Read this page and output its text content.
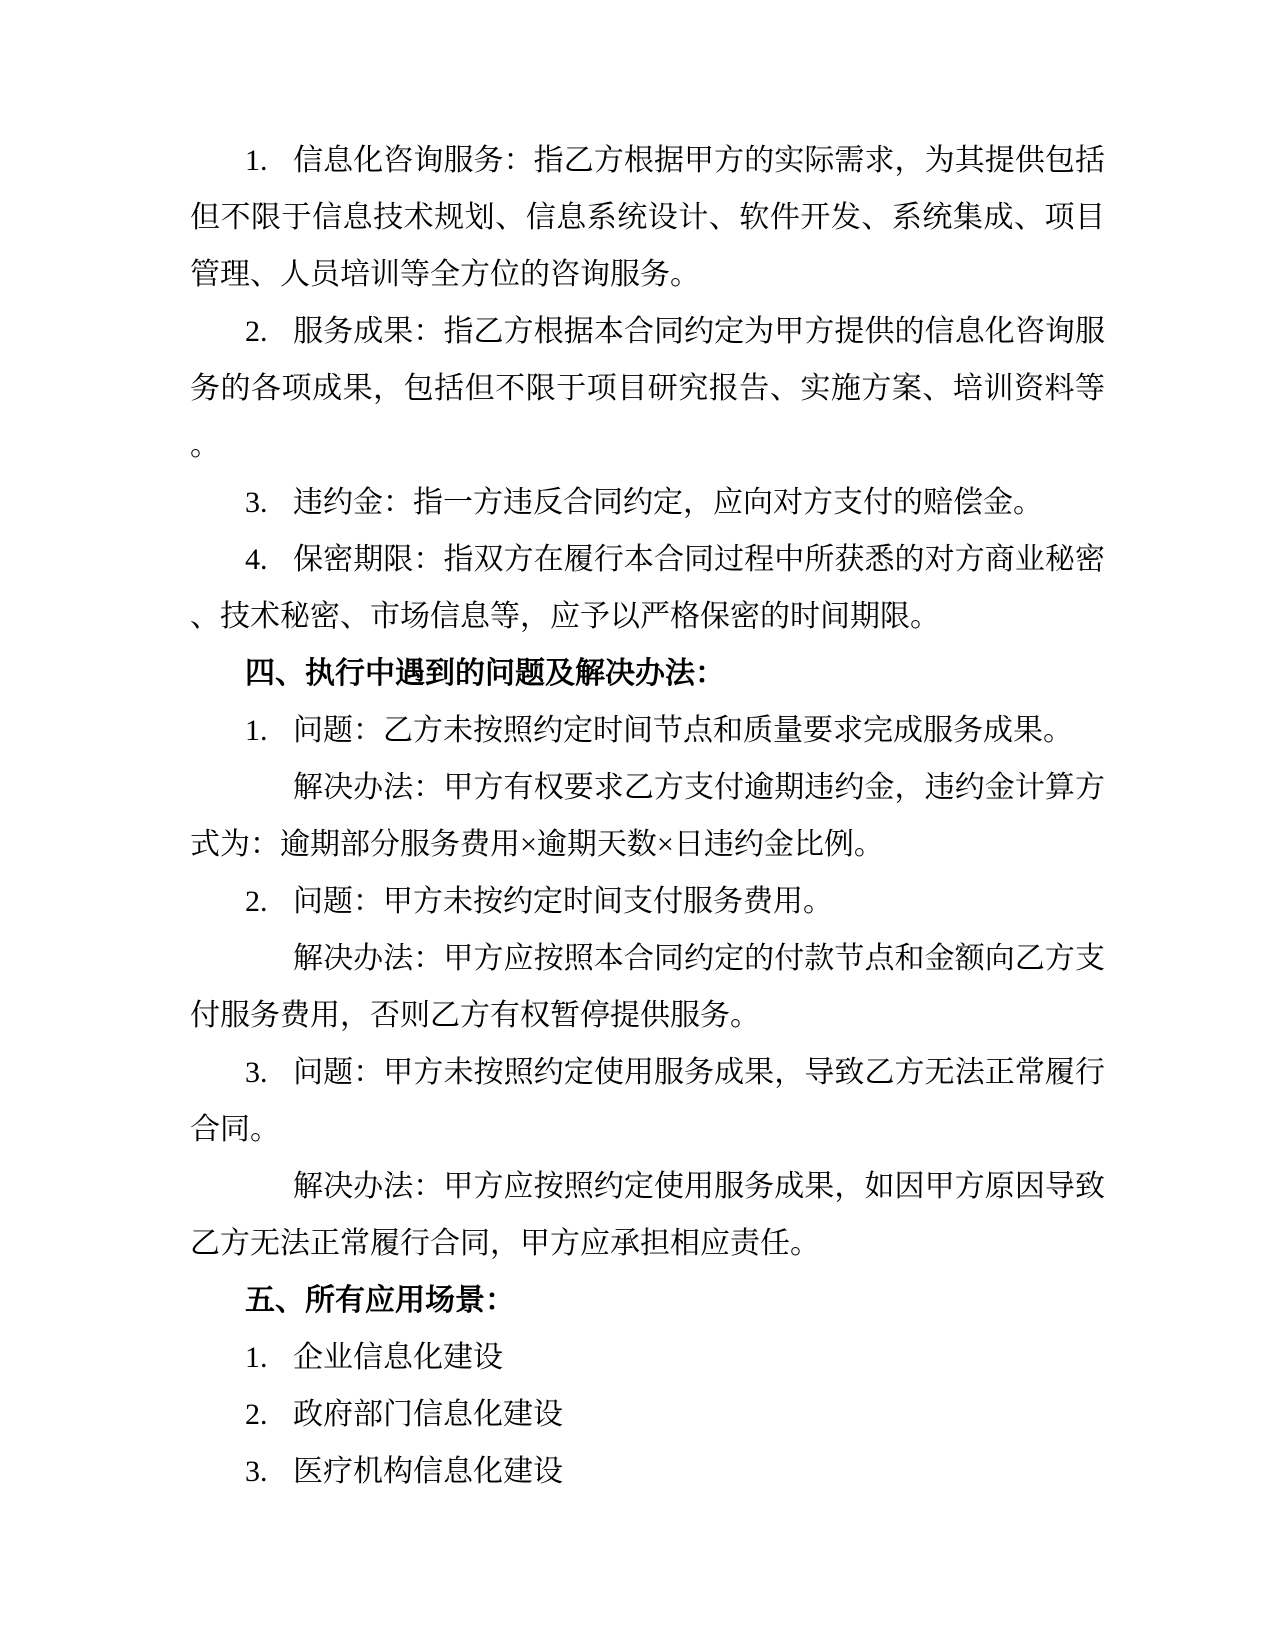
1. 信息化咨询服务：指乙方根据甲方的实际需求，为其提供包括但不限于信息技术规划、信息系统设计、软件开发、系统集成、项目管理、人员培训等全方位的咨询服务。

2. 服务成果：指乙方根据本合同约定为甲方提供的信息化咨询服务的各项成果，包括但不限于项目研究报告、实施方案、培训资料等。

3. 违约金：指一方违反合同约定，应向对方支付的赔偿金。

4. 保密期限：指双方在履行本合同过程中所获悉的对方商业秘密、技术秘密、市场信息等，应予以严格保密的时间期限。

四、执行中遇到的问题及解决办法：

1. 问题：乙方未按照约定时间节点和质量要求完成服务成果。

解决办法：甲方有权要求乙方支付逾期违约金，违约金计算方式为：逾期部分服务费用×逾期天数×日违约金比例。

2. 问题：甲方未按约定时间支付服务费用。

解决办法：甲方应按照本合同约定的付款节点和金额向乙方支付服务费用，否则乙方有权暂停提供服务。

3. 问题：甲方未按照约定使用服务成果，导致乙方无法正常履行合同。

解决办法：甲方应按照约定使用服务成果，如因甲方原因导致乙方无法正常履行合同，甲方应承担相应责任。

五、所有应用场景：

1. 企业信息化建设

2. 政府部门信息化建设

3. 医疗机构信息化建设
